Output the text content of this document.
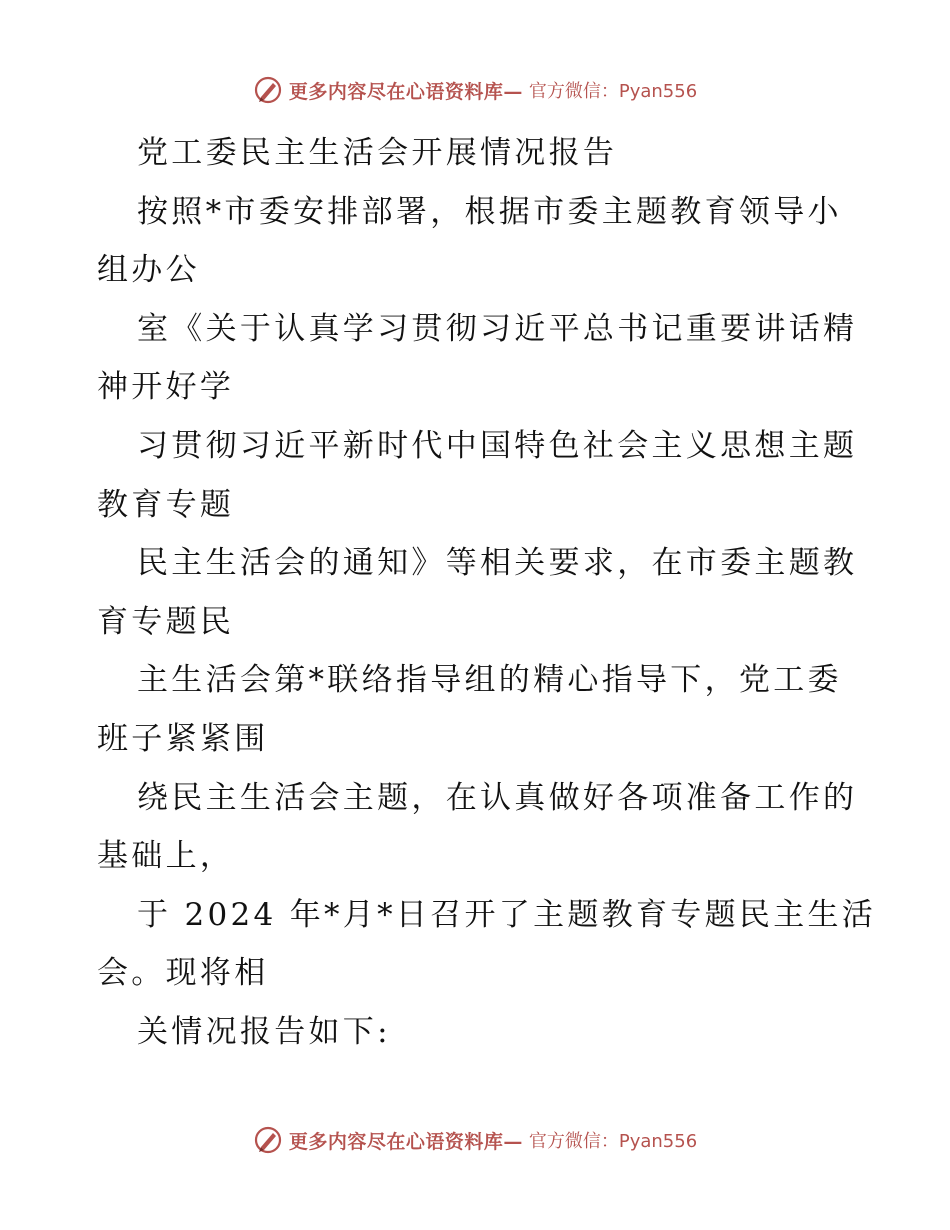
更多内容尽在心语资料库— 官方微信：Pyan556
党工委民主生活会开展情况报告
按照*市委安排部署，根据市委主题教育领导小
组办公
室《关于认真学习贯彻习近平总书记重要讲话精
神开好学
习贯彻习近平新时代中国特色社会主义思想主题
教育专题
民主生活会的通知》等相关要求，在市委主题教
育专题民
主生活会第*联络指导组的精心指导下，党工委
班子紧紧围
绕民主生活会主题，在认真做好各项准备工作的
基础上，
于 2024 年*月*日召开了主题教育专题民主生活
会。现将相
关情况报告如下:
更多内容尽在心语资料库— 官方微信：Pyan556
